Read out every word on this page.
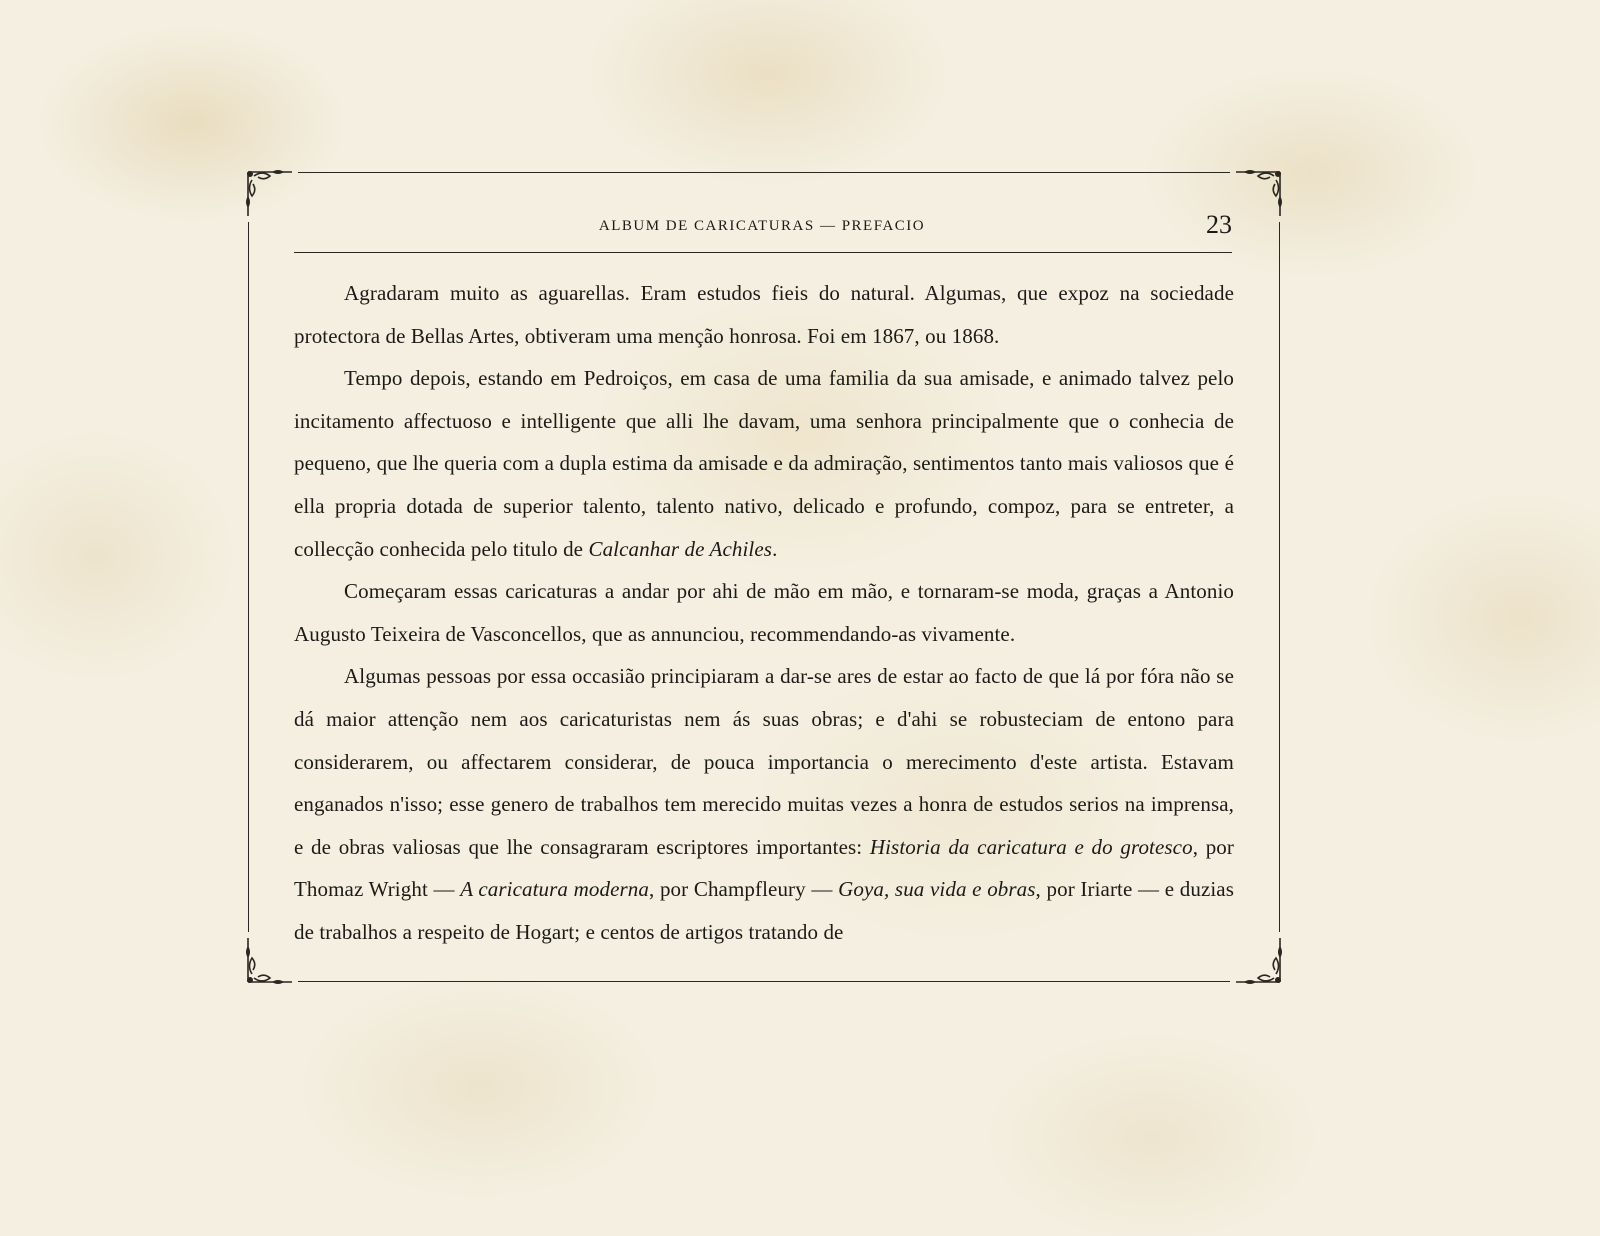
ALBUM DE CARICATURAS — PREFACIO	23

Agradaram muito as aguarellas. Eram estudos fieis do natural. Algumas, que expoz na sociedade protectora de Bellas Artes, obtiveram uma menção honrosa. Foi em 1867, ou 1868.

Tempo depois, estando em Pedroiços, em casa de uma familia da sua amisade, e animado talvez pelo incitamento affectuoso e intelligente que alli lhe davam, uma senhora principalmente que o conhecia de pequeno, que lhe queria com a dupla estima da amisade e da admiração, sentimentos tanto mais valiosos que é ella propria dotada de superior talento, talento nativo, delicado e profundo, compoz, para se entreter, a collecção conhecida pelo titulo de Calcanhar de Achiles.

Começaram essas caricaturas a andar por ahi de mão em mão, e tornaram-se moda, graças a Antonio Augusto Teixeira de Vasconcellos, que as annunciou, recommendando-as vivamente.

Algumas pessoas por essa occasião principiaram a dar-se ares de estar ao facto de que lá por fóra não se dá maior attenção nem aos caricaturistas nem ás suas obras; e d'ahi se robusteciam de entono para considerarem, ou affectarem considerar, de pouca importancia o merecimento d'este artista. Estavam enganados n'isso; esse genero de trabalhos tem merecido muitas vezes a honra de estudos serios na imprensa, e de obras valiosas que lhe consagraram escriptores importantes: Historia da caricatura e do grotesco, por Thomaz Wright — A caricatura moderna, por Champfleury — Goya, sua vida e obras, por Iriarte — e duzias de trabalhos a respeito de Hogart; e centos de artigos tratando de
